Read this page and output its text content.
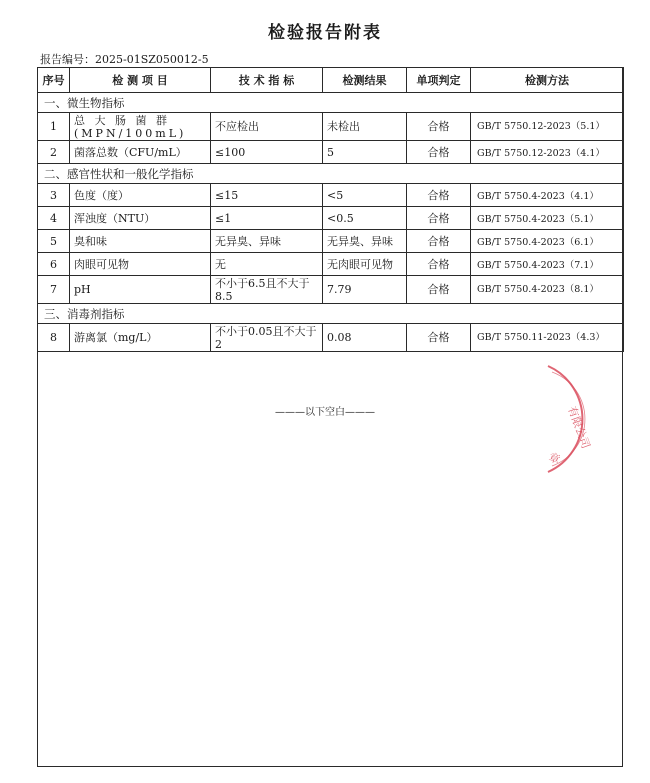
检验报告附表
报告编号：2025-01SZ050012-5
序号	检 测 项 目	技 术 指 标	检测结果	单项判定	检测方法
一、微生物指标					
1	总 大 肠 菌 群 (MPN/100mL)	不应检出	未检出	合格	GB/T 5750.12-2023（5.1）
2	菌落总数（CFU/mL）	≤100	5	合格	GB/T 5750.12-2023（4.1）
二、感官性状和一般化学指标					
3	色度（度）	≤15	<5	合格	GB/T 5750.4-2023（4.1）
4	浑浊度（NTU）	≤1	<0.5	合格	GB/T 5750.4-2023（5.1）
5	臭和味	无异臭、异味	无异臭、异味	合格	GB/T 5750.4-2023（6.1）
6	肉眼可见物	无	无肉眼可见物	合格	GB/T 5750.4-2023（7.1）
7	pH	不小于6.5且不大于8.5	7.79	合格	GB/T 5750.4-2023（8.1）
三、消毒剂指标					
8	游离氯（mg/L）	不小于0.05且不大于2	0.08	合格	GB/T 5750.11-2023（4.3）
———以下空白———	有限公司
章
